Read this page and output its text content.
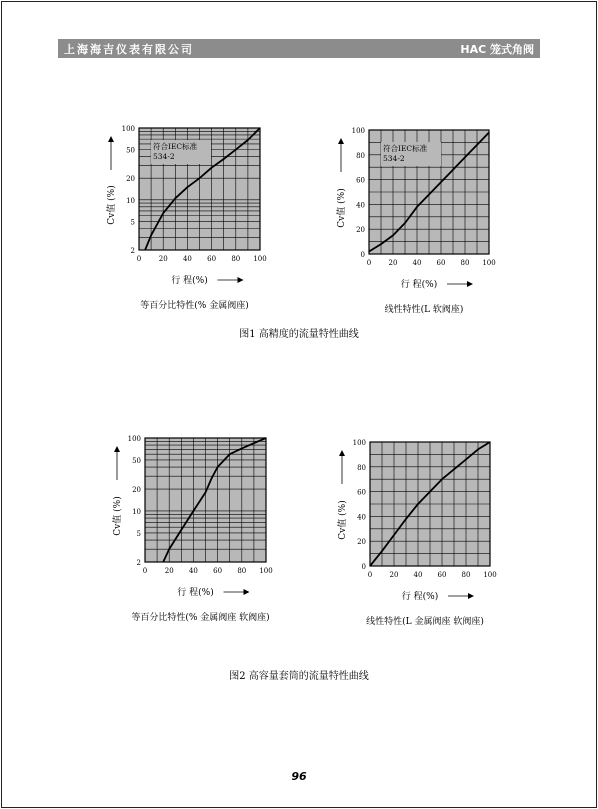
上海海吉仪表有限公司	HAC 笼式角阀
图1 高精度的流量特性曲线
图2 高容量套筒的流量特性曲线
0	20 40 60 80 100
2
5
10
20
50
100
符合IEC标准
534-2
Cv值 (%)
行 程(%)
等百分比特性(% 金属阀座)
0 20 40 60 80 100
0
20
40
60
80
100
符合IEC标准
534-2
Cv值 (%)
行 程(%)
线性特性(L 软阀座)
0	20 40 60 80 100
2
5
10
20
50
100
Cv值 (%)
行 程(%)
等百分比特性(% 金属阀座 软阀座)
0 20 40 60 80 100
0
20
40
60
80
100
Cv值 (%)
行 程(%)
线性特性(L 金属阀座 软阀座)
96
